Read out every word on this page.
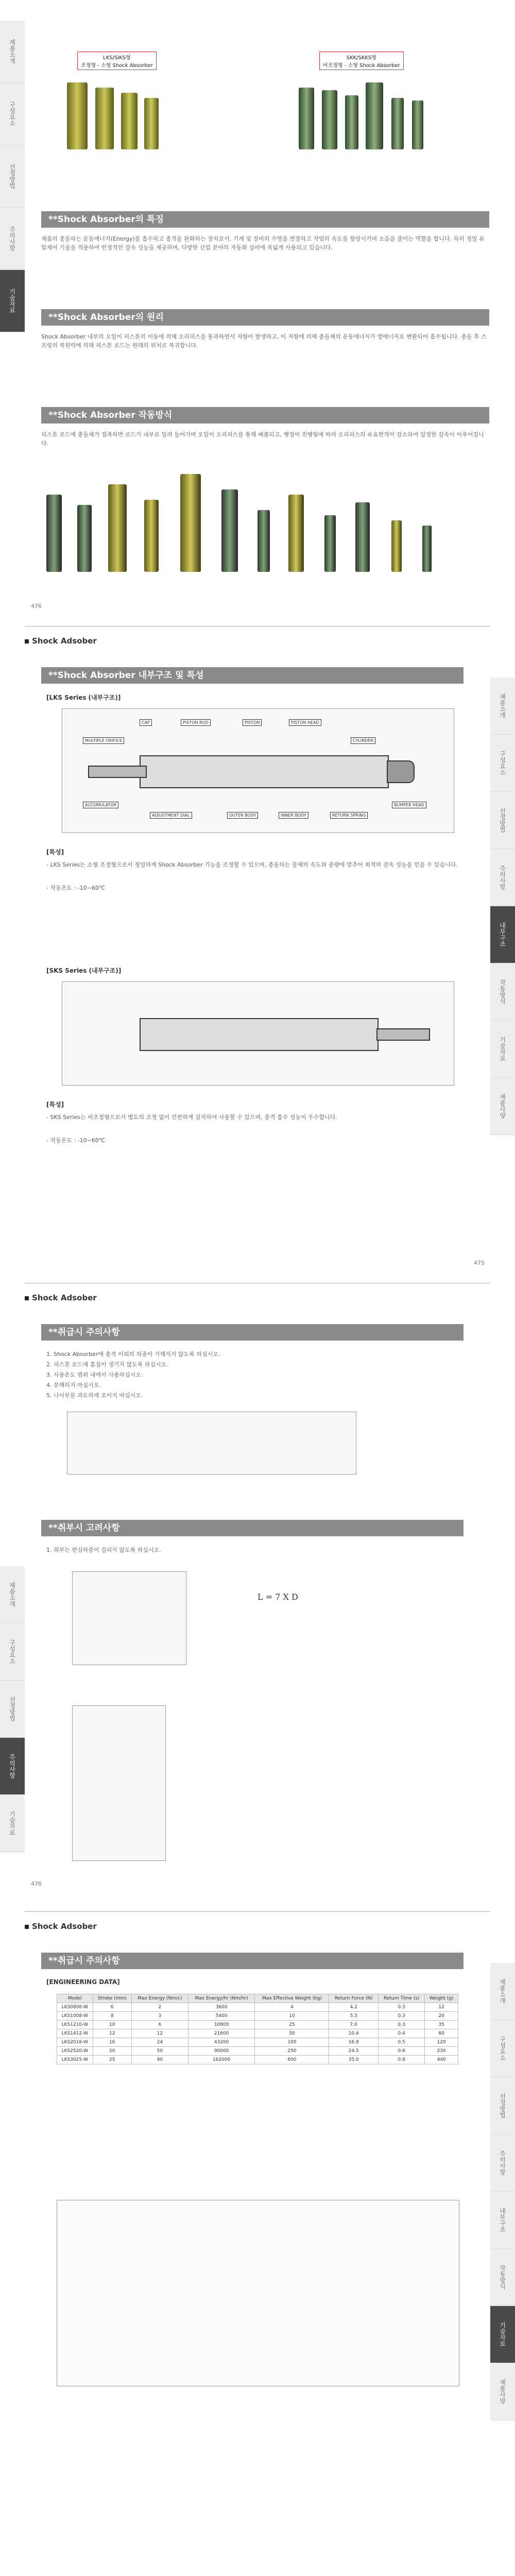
제품소개
구성요소
선정방법
주의사항
기술자료
LKS/SIKS형
조정형 - 소형 Shock Absorber
SKK/SKKS형
비조정형 - 소형 Shock Absorber
**Shock Absorber의 특징
제품의 충돌하는 운동에너지(Energy)를 흡수하고 충격을 완화하는 장치로서, 기계 및 장비의 수명을 연장하고 작업의 속도를 향상시키며 소음을 줄이는 역할을 합니다. 특히 정밀 유압제어 기술을 적용하여 안정적인 감속 성능을 제공하며, 다양한 산업 분야의 자동화 설비에 폭넓게 사용되고 있습니다.
**Shock Absorber의 원리
Shock Absorber 내부의 오일이 피스톤의 이동에 의해 오리피스를 통과하면서 저항이 발생하고, 이 저항에 의해 충돌체의 운동에너지가 열에너지로 변환되어 흡수됩니다. 충돌 후 스프링의 복원력에 의해 피스톤 로드는 원래의 위치로 복귀합니다.
**Shock Absorber 작동방식
피스톤 로드에 충돌체가 접촉하면 로드가 내부로 밀려 들어가며 오일이 오리피스를 통해 배출되고, 행정이 진행됨에 따라 오리피스의 유효면적이 감소하여 일정한 감속이 이루어집니다.
476
Shock Adsober
제품소개
구성요소
선정방법
주의사항
내부구조
작동방식
기술자료
제품사양
**Shock Absorber 내부구조 및 특성
[LKS Series (내부구조)]
CAP	PISTON ROD	PISTON	PISTON HEAD
MULTIPLE ORIFICE	CYLINDER
ACCUMULATOR
ADJUSTMENT DIAL	OUTER BODY	INNER BODY	RETURN SPRING
BUMPER HEAD
[특성]
- LKS Series는 소형 조정형으로서 정밀하게 Shock Absorber 기능을 조정할 수 있으며, 충돌하는 물체의 속도와 중량에 맞추어 최적의 감속 성능을 얻을 수 있습니다.
- 작동온도 : -10~60℃
[SKS Series (내부구조)]
[특성]
- SKS Series는 비조정형으로서 별도의 조정 없이 간편하게 설치하여 사용할 수 있으며, 충격 흡수 성능이 우수합니다.
- 작동온도 : -10~60℃
475
Shock Adsober
제품소개
구성요소
선정방법
주의사항
기술자료
**취급시 주의사항
1. Shock Absorber에 충격 이외의 하중이 가해지지 않도록 하십시오.
2. 피스톤 로드에 흠집이 생기지 않도록 하십시오.
3. 사용온도 범위 내에서 사용하십시오.
4. 분해하지 마십시오.
5. 나사부를 과도하게 조이지 마십시오.
**취부시 고려사항
1. 취부는 편심하중이 걸리지 않도록 하십시오.
L = 7 X D
476
Shock Adsober
제품소개
구성요소
선정방법
주의사항
내부구조
작동방식
기술자료
제품사양
**취급시 주의사항
[ENGINEERING DATA]
Model	Stroke (mm)	Max Energy (Nm/c)	Max Energy/hr (Nm/hr)	Max Effective Weight (kg)	Return Force (N)	Return Time (s)	Weight (g)
LKS0806-W	6	2	3600	4	4.2	0.3	12
LKS1008-W	8	3	5400	10	5.5	0.3	20
LKS1210-W	10	6	10800	25	7.0	0.3	35
LKS1412-W	12	12	21600	50	10.4	0.4	60
LKS2016-W	16	24	43200	100	16.8	0.5	120
LKS2520-W	20	50	90000	250	24.5	0.6	230
LKS3025-W	25	90	162000	600	35.0	0.8	440
